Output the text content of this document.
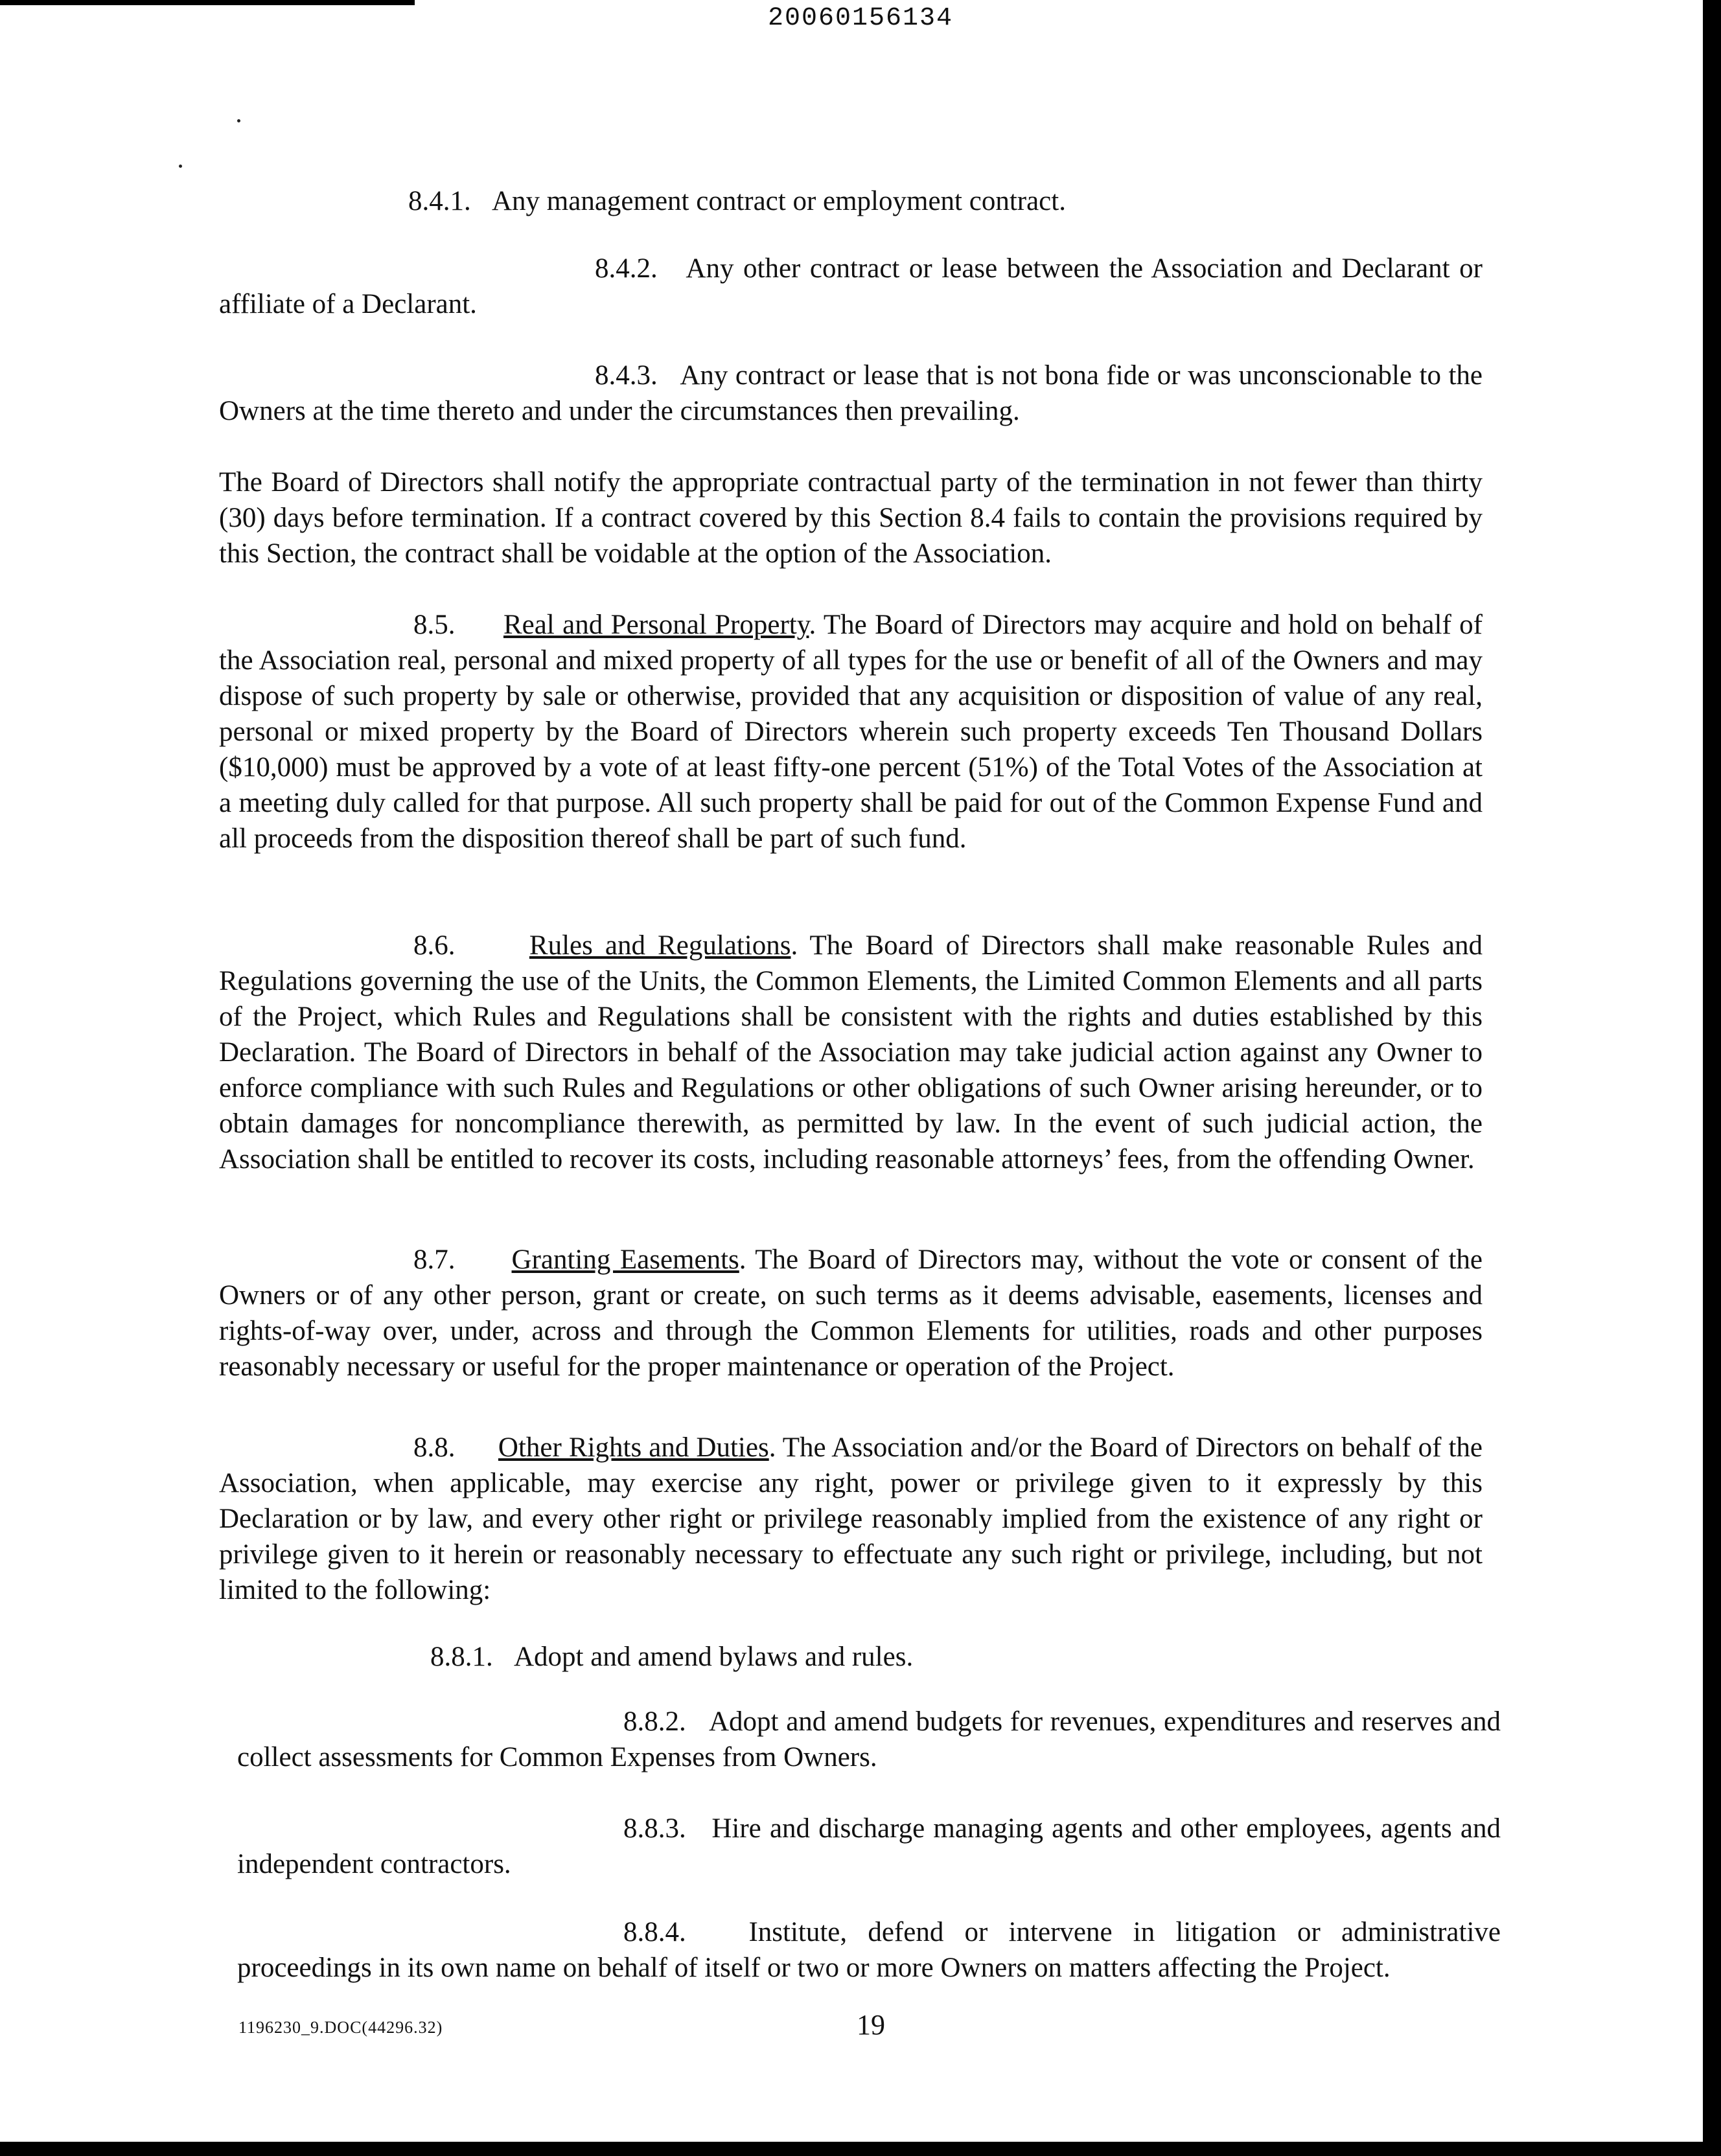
20060156134

8.4.1. Any management contract or employment contract.

8.4.2. Any other contract or lease between the Association and Declarant or affiliate of a Declarant.

8.4.3. Any contract or lease that is not bona fide or was unconscionable to the Owners at the time thereto and under the circumstances then prevailing.

The Board of Directors shall notify the appropriate contractual party of the termination in not fewer than thirty (30) days before termination. If a contract covered by this Section 8.4 fails to contain the provisions required by this Section, the contract shall be voidable at the option of the Association.

8.5. Real and Personal Property. The Board of Directors may acquire and hold on behalf of the Association real, personal and mixed property of all types for the use or benefit of all of the Owners and may dispose of such property by sale or otherwise, provided that any acquisition or disposition of value of any real, personal or mixed property by the Board of Directors wherein such property exceeds Ten Thousand Dollars ($10,000) must be approved by a vote of at least fifty-one percent (51%) of the Total Votes of the Association at a meeting duly called for that purpose. All such property shall be paid for out of the Common Expense Fund and all proceeds from the disposition thereof shall be part of such fund.

8.6.	Rules and Regulations. The Board of Directors shall make reasonable Rules and Regulations governing the use of the Units, the Common Elements, the Limited Common Elements and all parts of the Project, which Rules and Regulations shall be consistent with the rights and duties established by this Declaration. The Board of Directors in behalf of the Association may take judicial action against any Owner to enforce compliance with such Rules and Regulations or other obligations of such Owner arising hereunder, or to obtain damages for noncompliance therewith, as permitted by law. In the event of such judicial action, the Association shall be entitled to recover its costs, including reasonable attorneys’ fees, from the offending Owner.

8.7. Granting Easements. The Board of Directors may, without the vote or consent of the Owners or of any other person, grant or create, on such terms as it deems advisable, easements, licenses and rights-of-way over, under, across and through the Common Elements for utilities, roads and other purposes reasonably necessary or useful for the proper maintenance or operation of the Project.

8.8. Other Rights and Duties. The Association and/or the Board of Directors on behalf of the Association, when applicable, may exercise any right, power or privilege given to it expressly by this Declaration or by law, and every other right or privilege reasonably implied from the existence of any right or privilege given to it herein or reasonably necessary to effectuate any such right or privilege, including, but not limited to the following:

8.8.1. Adopt and amend bylaws and rules.

8.8.2. Adopt and amend budgets for revenues, expenditures and reserves and collect assessments for Common Expenses from Owners.

8.8.3. Hire and discharge managing agents and other employees, agents and independent contractors.

8.8.4. Institute, defend or intervene in litigation or administrative proceedings in its own name on behalf of itself or two or more Owners on matters affecting the Project.

1196230_9.DOC(44296.32)	19
